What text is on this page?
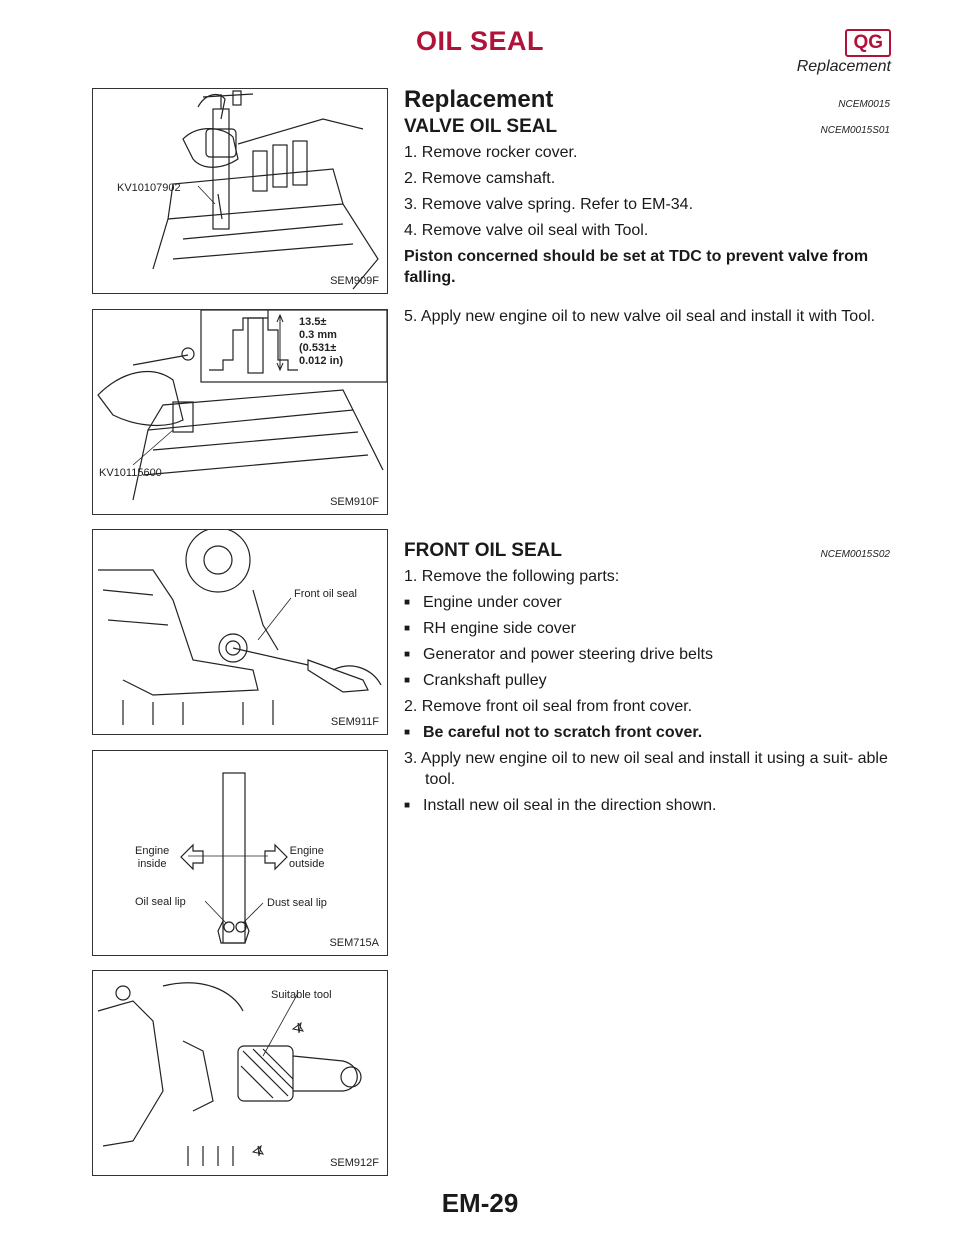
OIL SEAL	QG
Replacement
KV10107902
SEM909F
13.5±
0.3 mm
(0.531±
0.012 in)
KV10115600
SEM910F
Front oil seal
SEM911F
Engine
inside
Engine
outside
Oil seal lip	Dust seal lip
SEM715A
Suitable tool
SEM912F
Replacement	NCEM0015
VALVE OIL SEAL	NCEM0015S01
1. Remove rocker cover.
2. Remove camshaft.
3. Remove valve spring. Refer to EM-34.
4. Remove valve oil seal with Tool.
Piston concerned should be set at TDC to prevent valve from falling.
5. Apply new engine oil to new valve oil seal and install it with Tool.
FRONT OIL SEAL	NCEM0015S02
1. Remove the following parts:
■ Engine under cover
■ RH engine side cover
■ Generator and power steering drive belts
■ Crankshaft pulley
2. Remove front oil seal from front cover.
■ Be careful not to scratch front cover.
3. Apply new engine oil to new oil seal and install it using a suit- able tool.
■ Install new oil seal in the direction shown.
EM-29
